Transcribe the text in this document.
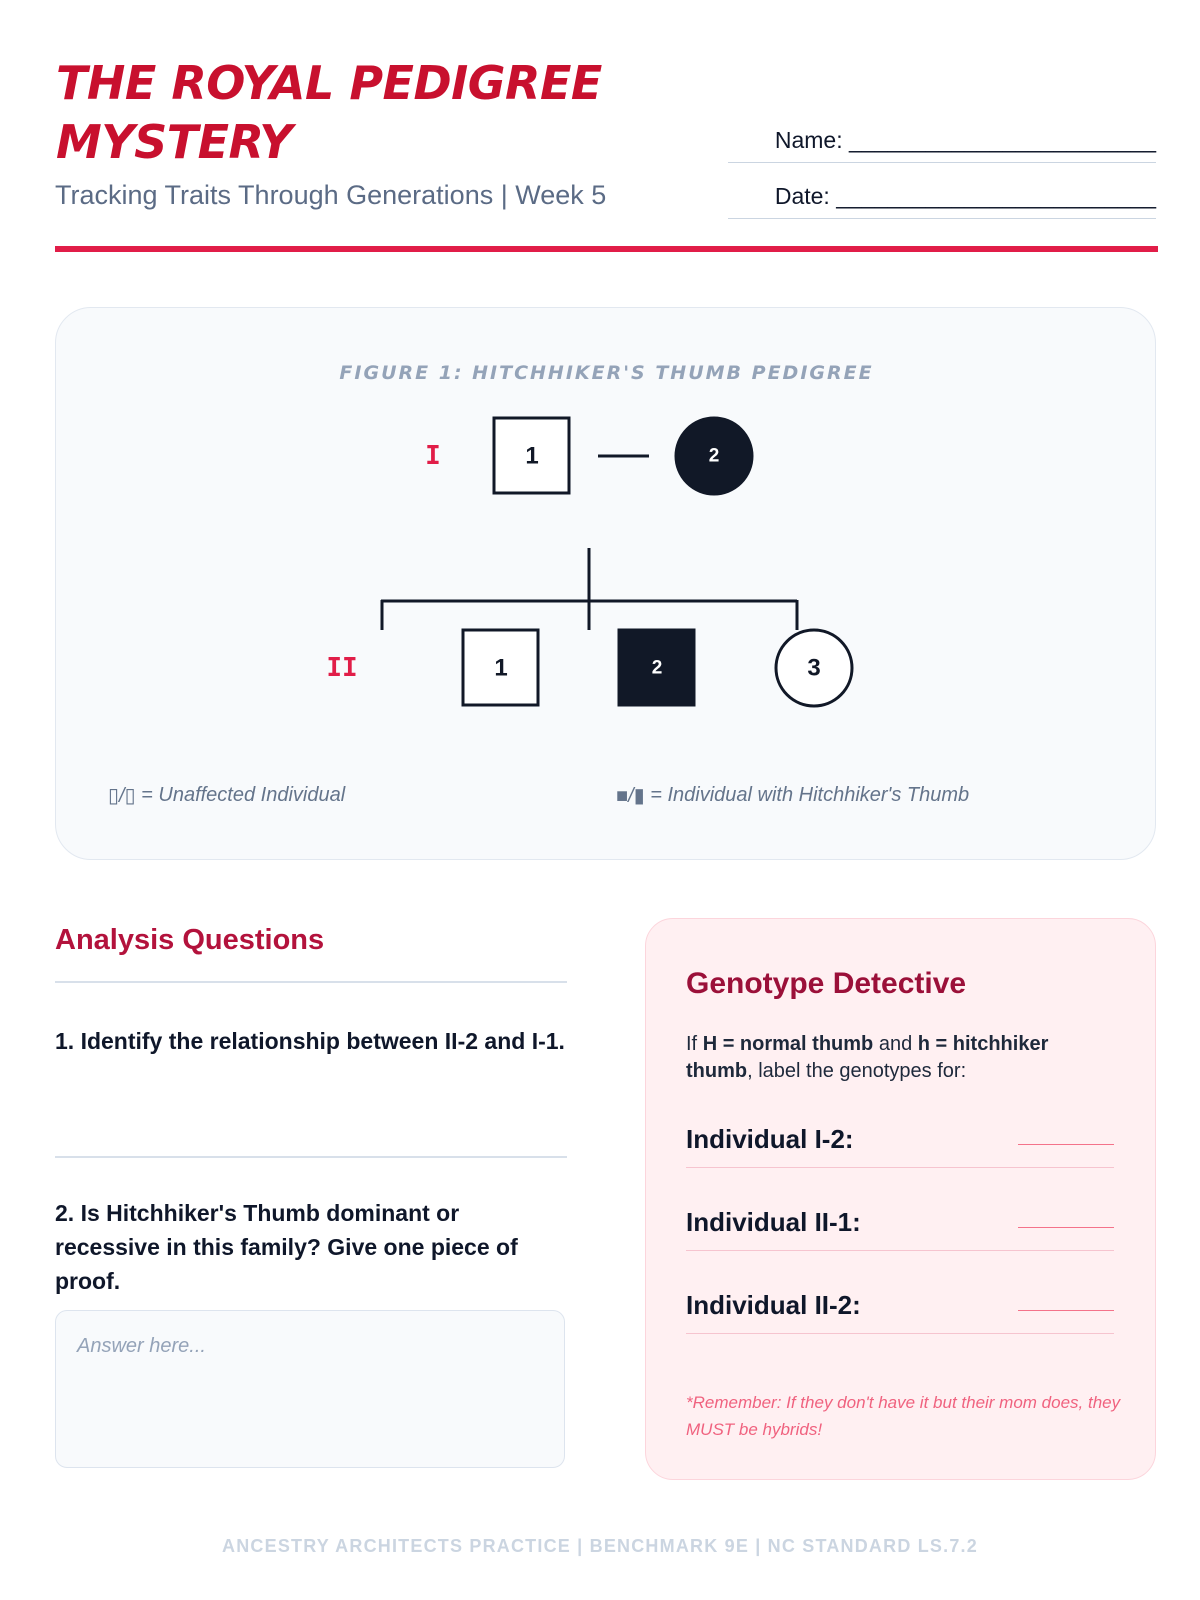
THE ROYAL PEDIGREE MYSTERY
Tracking Traits Through Generations | Week 5
Name: ________________________
Date: _________________________
FIGURE 1: HITCHHIKER'S THUMB PEDIGREE
I
II
1	2
1	2	3
▯/▯
= Unaffected Individual	■/▮
= Individual with Hitchhiker's Thumb
Analysis Questions
1. Identify the relationship between II-2 and I-1.
2. Is Hitchhiker's Thumb dominant or recessive in this family? Give one piece of proof.
Answer here...
Genotype Detective
If H = normal thumb and h = hitchhiker thumb, label the genotypes for:
Individual I-2:
Individual II-1:
Individual II-2:
*Remember: If they don't have it but their mom does, they MUST be hybrids!
ANCESTRY ARCHITECTS PRACTICE | BENCHMARK 9E | NC STANDARD LS.7.2
